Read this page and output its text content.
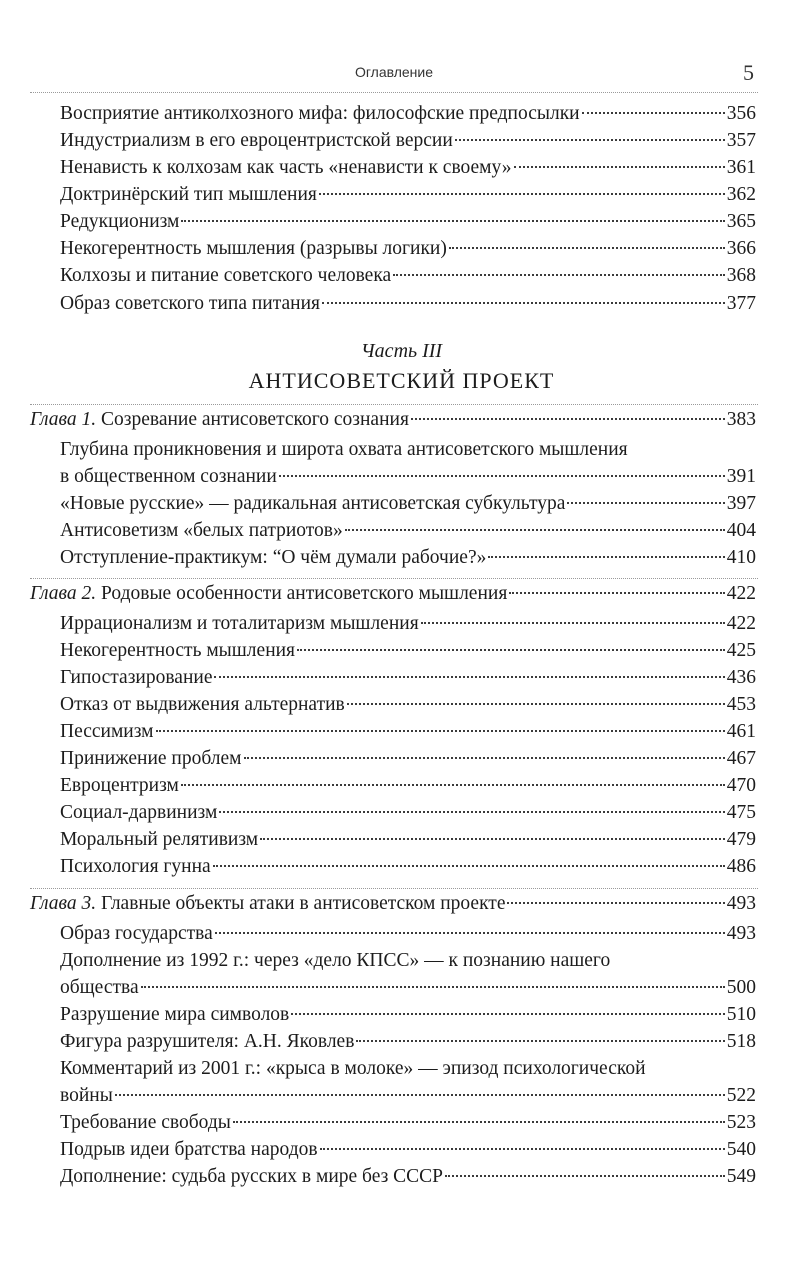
Оглавление	5
Восприятие антиколхозного мифа: философские предпосылки	356
Индустриализм в его евроцентристской версии	357
Ненависть к колхозам как часть «ненависти к своему»	361
Доктринёрский тип мышления	362
Редукционизм	365
Некогерентность мышления (разрывы логики)	366
Колхозы и питание советского человека	368
Образ советского типа питания	377
Часть III
АНТИСОВЕТСКИЙ ПРОЕКТ
Глава 1. Созревание антисоветского сознания	383
Глубина проникновения и широта охвата антисоветского мышления
в общественном сознании	391
«Новые русские» — радикальная антисоветская субкультура	397
Антисоветизм «белых патриотов»	404
Отступление-практикум: “О чём думали рабочие?»	410
Глава 2. Родовые особенности антисоветского мышления	422
Иррационализм и тоталитаризм мышления	422
Некогерентность мышления	425
Гипостазирование	436
Отказ от выдвижения альтернатив	453
Пессимизм	461
Принижение проблем	467
Евроцентризм	470
Социал-дарвинизм	475
Моральный релятивизм	479
Психология гунна	486
Глава 3. Главные объекты атаки в антисоветском проекте	493
Образ государства	493
Дополнение из 1992 г.: через «дело КПСС» — к познанию нашего
общества	500
Разрушение мира символов	510
Фигура разрушителя: А.Н. Яковлев	518
Комментарий из 2001 г.: «крыса в молоке» — эпизод психологической
войны	522
Требование свободы	523
Подрыв идеи братства народов	540
Дополнение: судьба русских в мире без СССР	549
